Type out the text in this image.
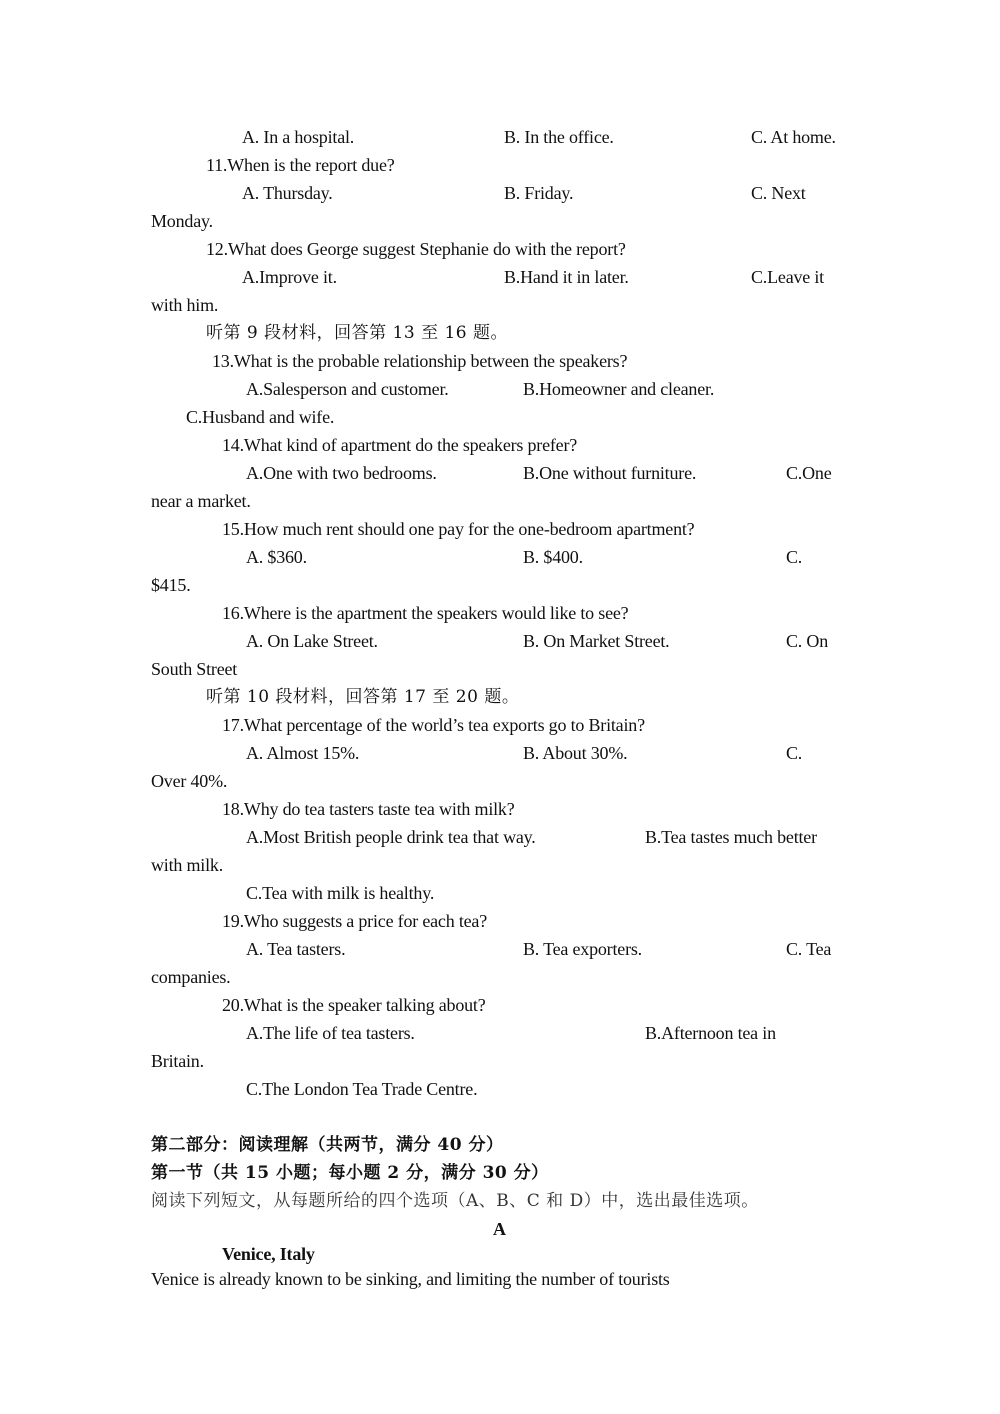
A. In a hospital.	B. In the office.	C. At home.
11.When is the report due?
A. Thursday.	B. Friday.	C. Next
Monday.
12.What does George suggest Stephanie do with the report?
A.Improve it.	B.Hand it in later.	C.Leave it
with him.
听第 9 段材料，回答第 13 至 16 题。
13.What is the probable relationship between the speakers?
A.Salesperson and customer.	B.Homeowner and cleaner.
C.Husband and wife.
14.What kind of apartment do the speakers prefer?
A.One with two bedrooms.	B.One without furniture.	C.One
near a market.
15.How much rent should one pay for the one-bedroom apartment?
A. $360.	B. $400.	C.
$415.
16.Where is the apartment the speakers would like to see?
A. On Lake Street.	B. On Market Street.	C. On
South Street
听第 10 段材料，回答第 17 至 20 题。
17.What percentage of the world’s tea exports go to Britain?
A. Almost 15%.	B. About 30%.	C.
Over 40%.
18.Why do tea tasters taste tea with milk?
A.Most British people drink tea that way.	B.Tea tastes much better
with milk.
C.Tea with milk is healthy.
19.Who suggests a price for each tea?
A. Tea tasters.	B. Tea exporters.	C. Tea
companies.
20.What is the speaker talking about?
A.The life of tea tasters.	B.Afternoon tea in
Britain.
C.The London Tea Trade Centre.
第二部分：阅读理解（共两节，满分 40 分）
第一节（共 15 小题；每小题 2 分，满分 30 分）
阅读下列短文，从每题所给的四个选项（A、B、C 和 D）中，选出最佳选项。
A
Venice, Italy
Venice is already known to be sinking, and limiting the number of tourists
